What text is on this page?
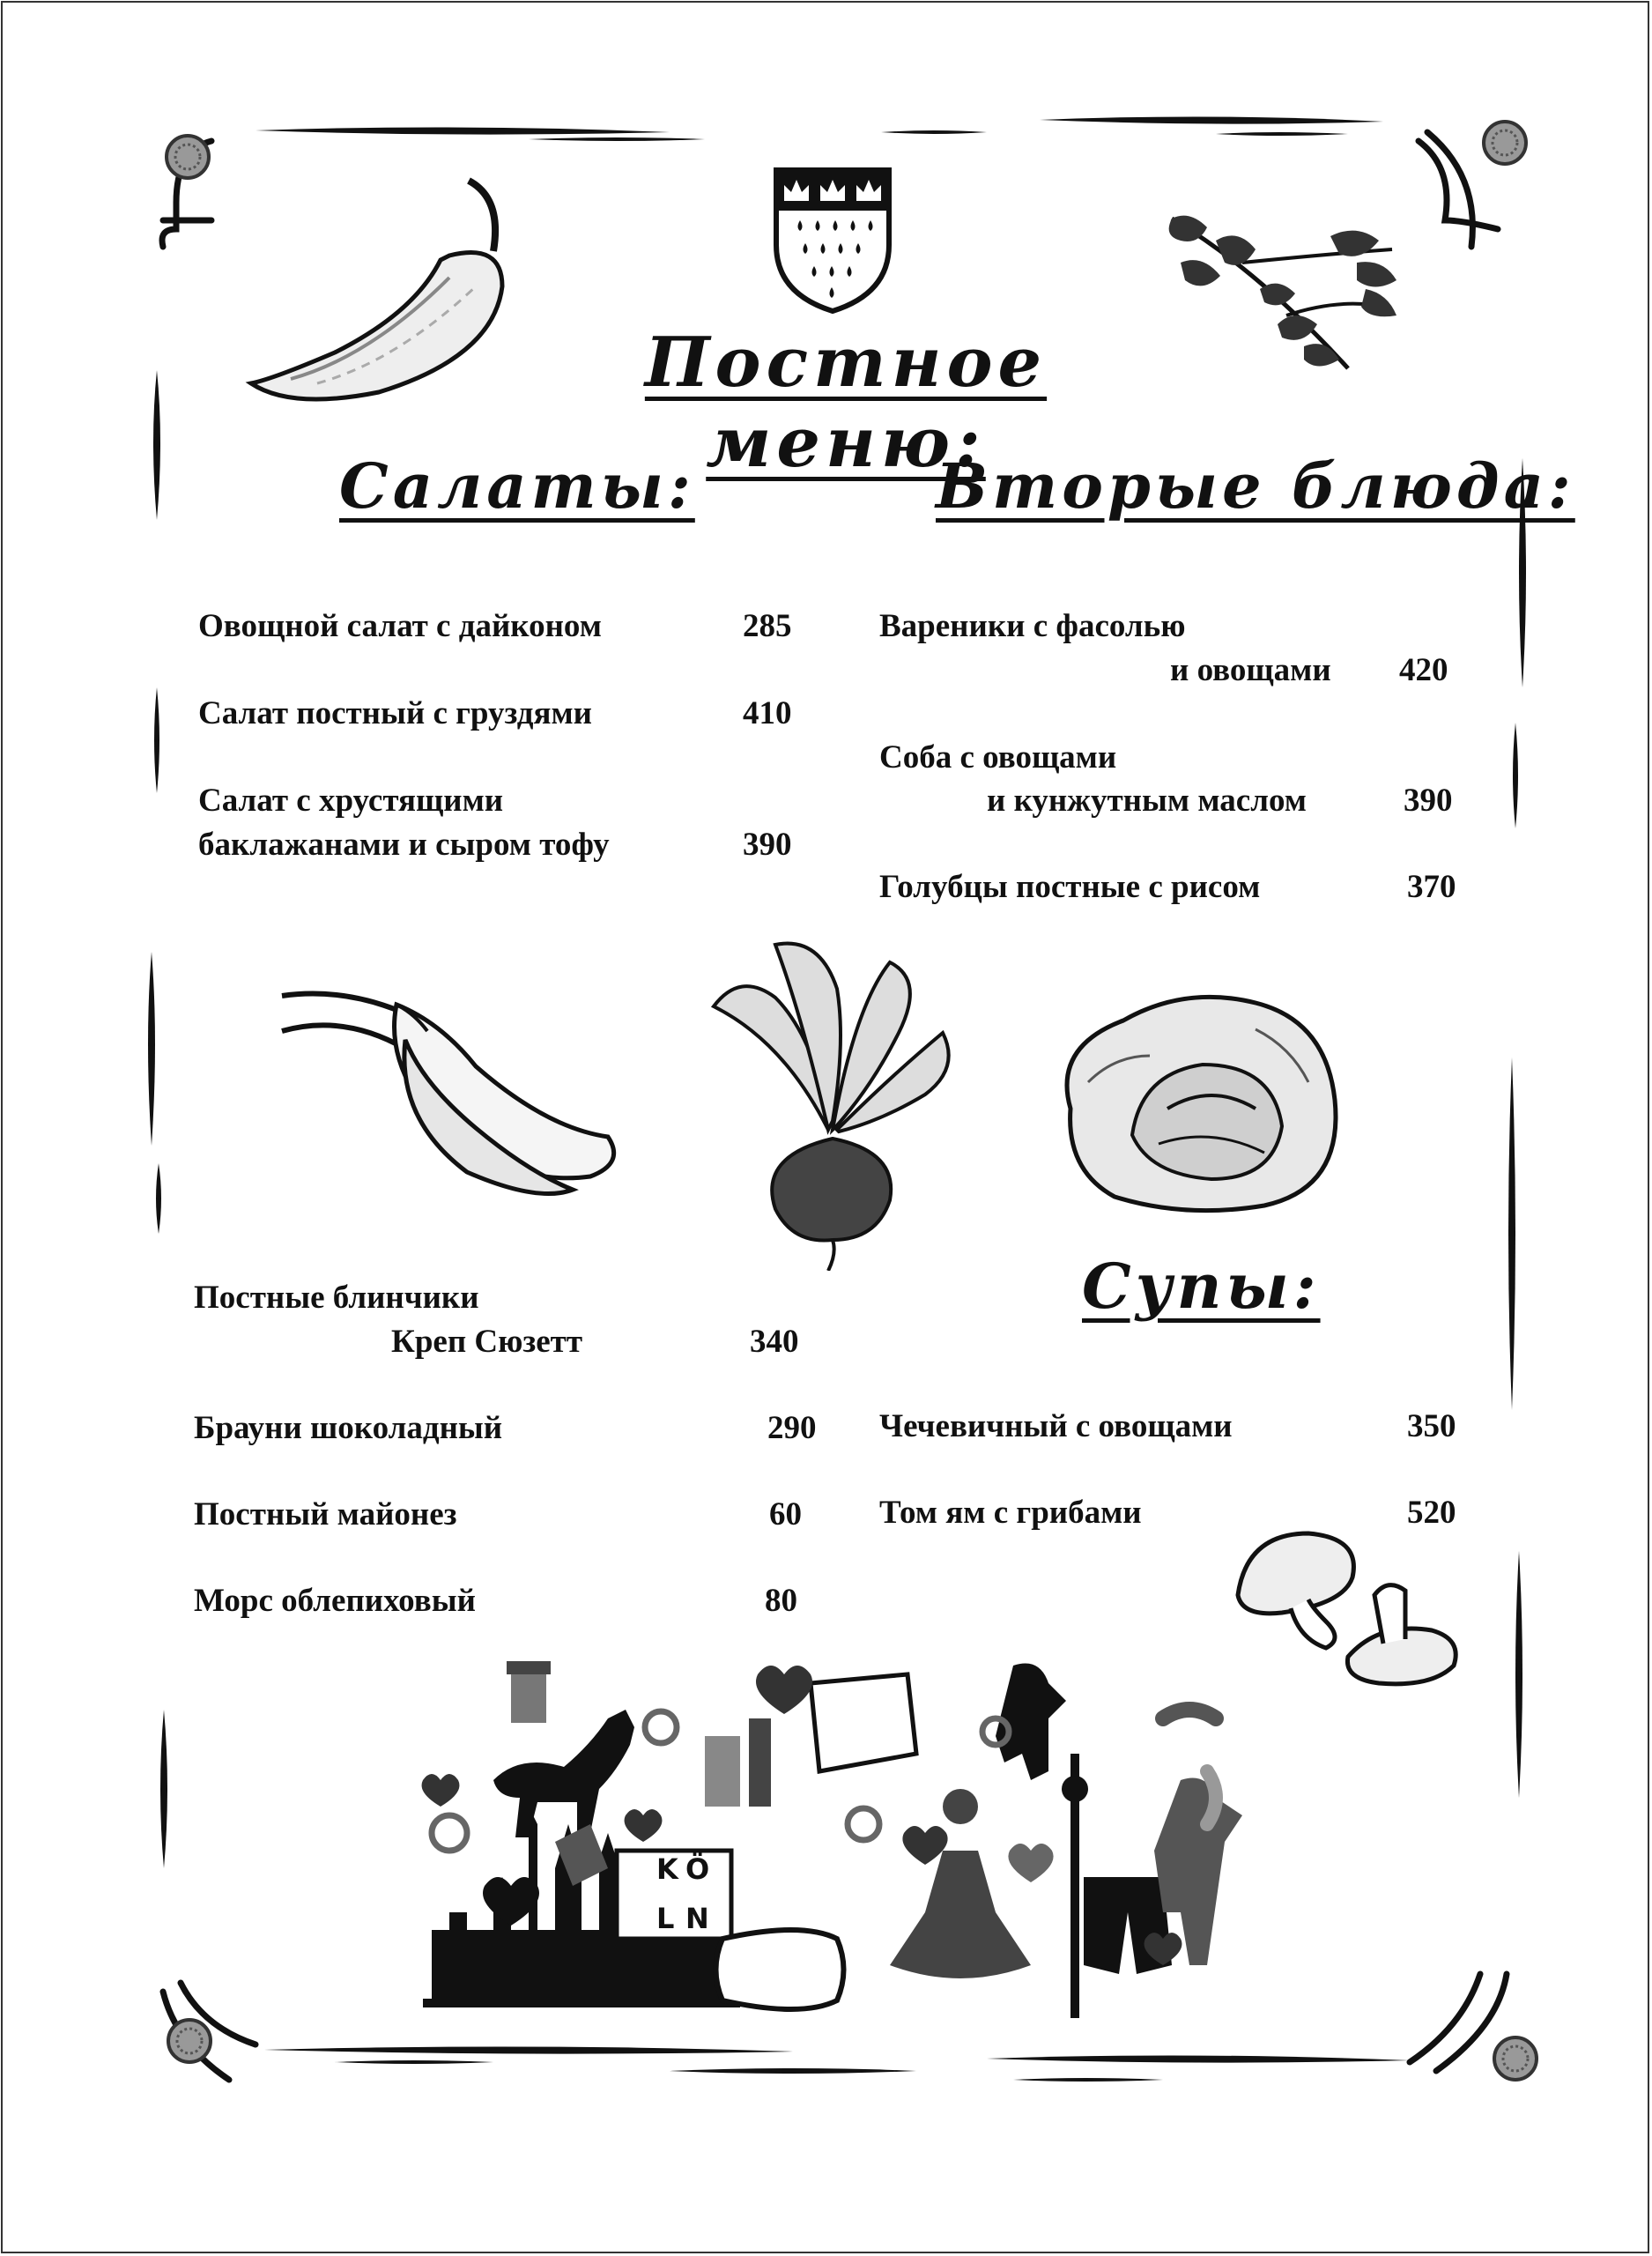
Постное меню:
Салаты:
Овощной салат с дайконом	285
Салат постный с груздями	410
Салат с хрустящими
баклажанами и сыром тофу	390
Вторые блюда:
Вареники с фасолью
и овощами 420
Соба с овощами
и кунжутным маслом	390
Голубцы постные с рисом	370
Постные блинчики
Креп Сюзетт	340
Брауни шоколадный	290
Постный майонез	60
Морс облепиховый	80
Супы:
Чечевичный с овощами	350
Том ям с грибами	520
K Ö
L N
